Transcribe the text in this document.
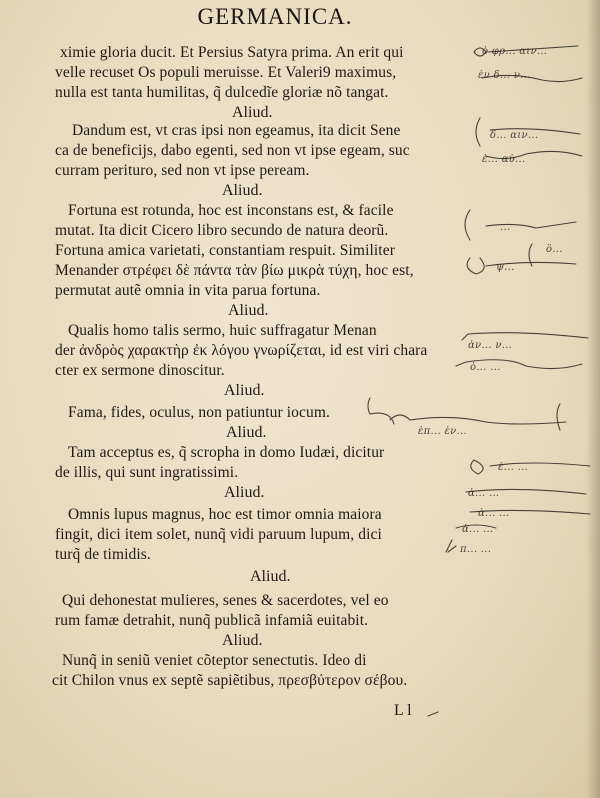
GERMANICA.
ximie gloria ducit. Et Persius Satyra prima. An erit qui
velle recuset Os populi meruisse. Et Valeri9 maximus,
nulla est tanta humilitas, q̃ dulcedĩe gloriæ nõ tangat.
Aliud.
Dandum est, vt cras ipsi non egeamus, ita dicit Sene
ca de beneficijs, dabo egenti, sed non vt ipse egeam, suc
curram perituro, sed non vt ipse peream.
Aliud.
Fortuna est rotunda, hoc est inconstans est, & facile
mutat. Ita dicit Cicero libro secundo de natura deorũ.
Fortuna amica varietati, constantiam respuit. Similiter
Menander στρέφει δὲ πάντα τὰν βίω μικρὰ τύχη, hoc est,
permutat autẽ omnia in vita parua fortuna.
Aliud.
Qualis homo talis sermo, huic suffragatur Menan
der ἀνδρὸς χαρακτὴρ ἐκ λόγου γνωρίζεται, id est viri chara
cter ex sermone dinoscitur.
Aliud.
Fama, fides, oculus, non patiuntur iocum.
Aliud.
Tam acceptus es, q̃ scropha in domo Iudæi, dicitur
de illis, qui sunt ingratissimi.
Aliud.
Omnis lupus magnus, hoc est timor omnia maiora
fingit, dici item solet, nunq̃ vidi paruum lupum, dici
turq̃ de timidis.
Aliud.
Qui dehonestat mulieres, senes & sacerdotes, vel eo
rum famæ detrahit, nunq̃ publicã infamiã euitabit.
Aliud.
Nunq̃ in seniũ veniet cõteptor senectutis. Ideo di
cit Chilon vnus ex septẽ sapiẽtibus, πρεσβύτερον σέβου.
L l
ὁ φρ... αιν...
ἐν δ... ν...
δ... αιν...
ἐ... αὐ...
...
ὃ...
ψ...
ἀν... ν...
ὁ... ...
ἐπ... ἐν...
ἐ... ...
ἀ... ...
ἀ... ...
ἀ... ...
π... ...
